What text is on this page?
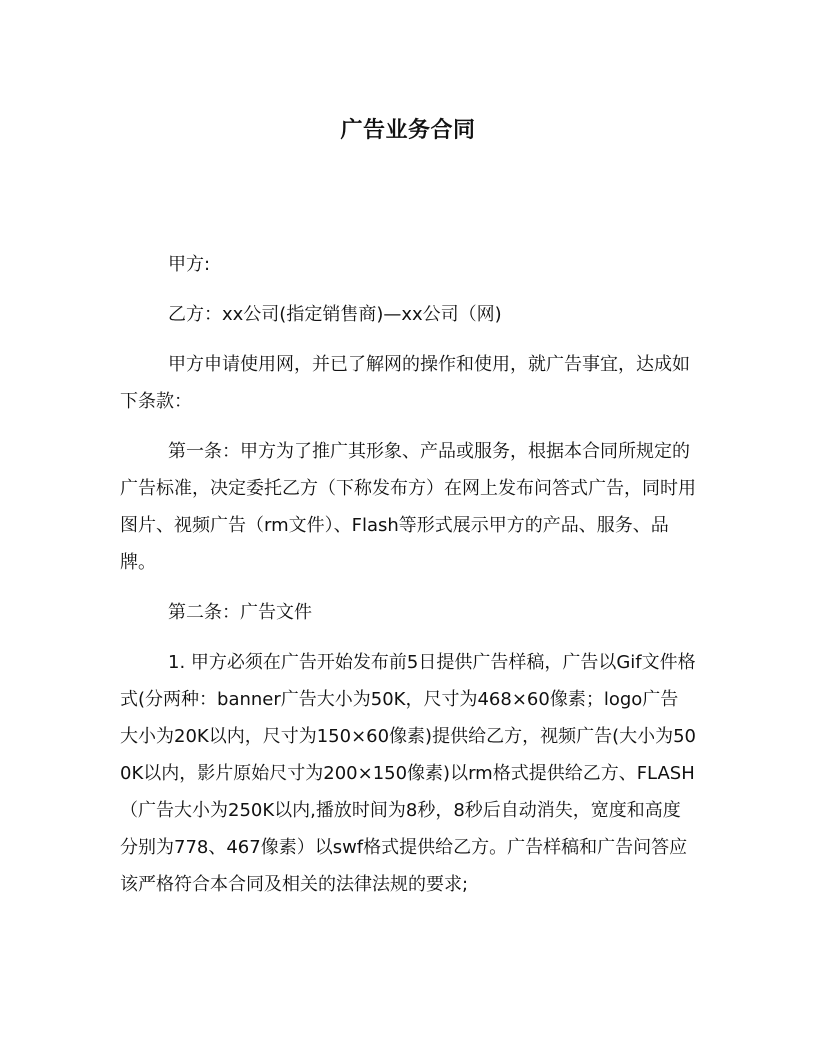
广告业务合同

甲方:

乙方：xx公司(指定销售商)—xx公司（网)

甲方申请使用网，并已了解网的操作和使用，就广告事宜，达成如下条款：

第一条：甲方为了推广其形象、产品或服务，根据本合同所规定的广告标准，决定委托乙方（下称发布方）在网上发布问答式广告，同时用图片、视频广告（rm文件）、Flash等形式展示甲方的产品、服务、品牌。

第二条：广告文件

1. 甲方必须在广告开始发布前5日提供广告样稿，广告以Gif文件格式(分两种：banner广告大小为50K，尺寸为468×60像素；logo广告大小为20K以内，尺寸为150×60像素)提供给乙方，视频广告(大小为500K以内，影片原始尺寸为200×150像素)以rm格式提供给乙方、FLASH（广告大小为250K以内,播放时间为8秒，8秒后自动消失，宽度和高度分别为778、467像素）以swf格式提供给乙方。广告样稿和广告问答应该严格符合本合同及相关的法律法规的要求;
